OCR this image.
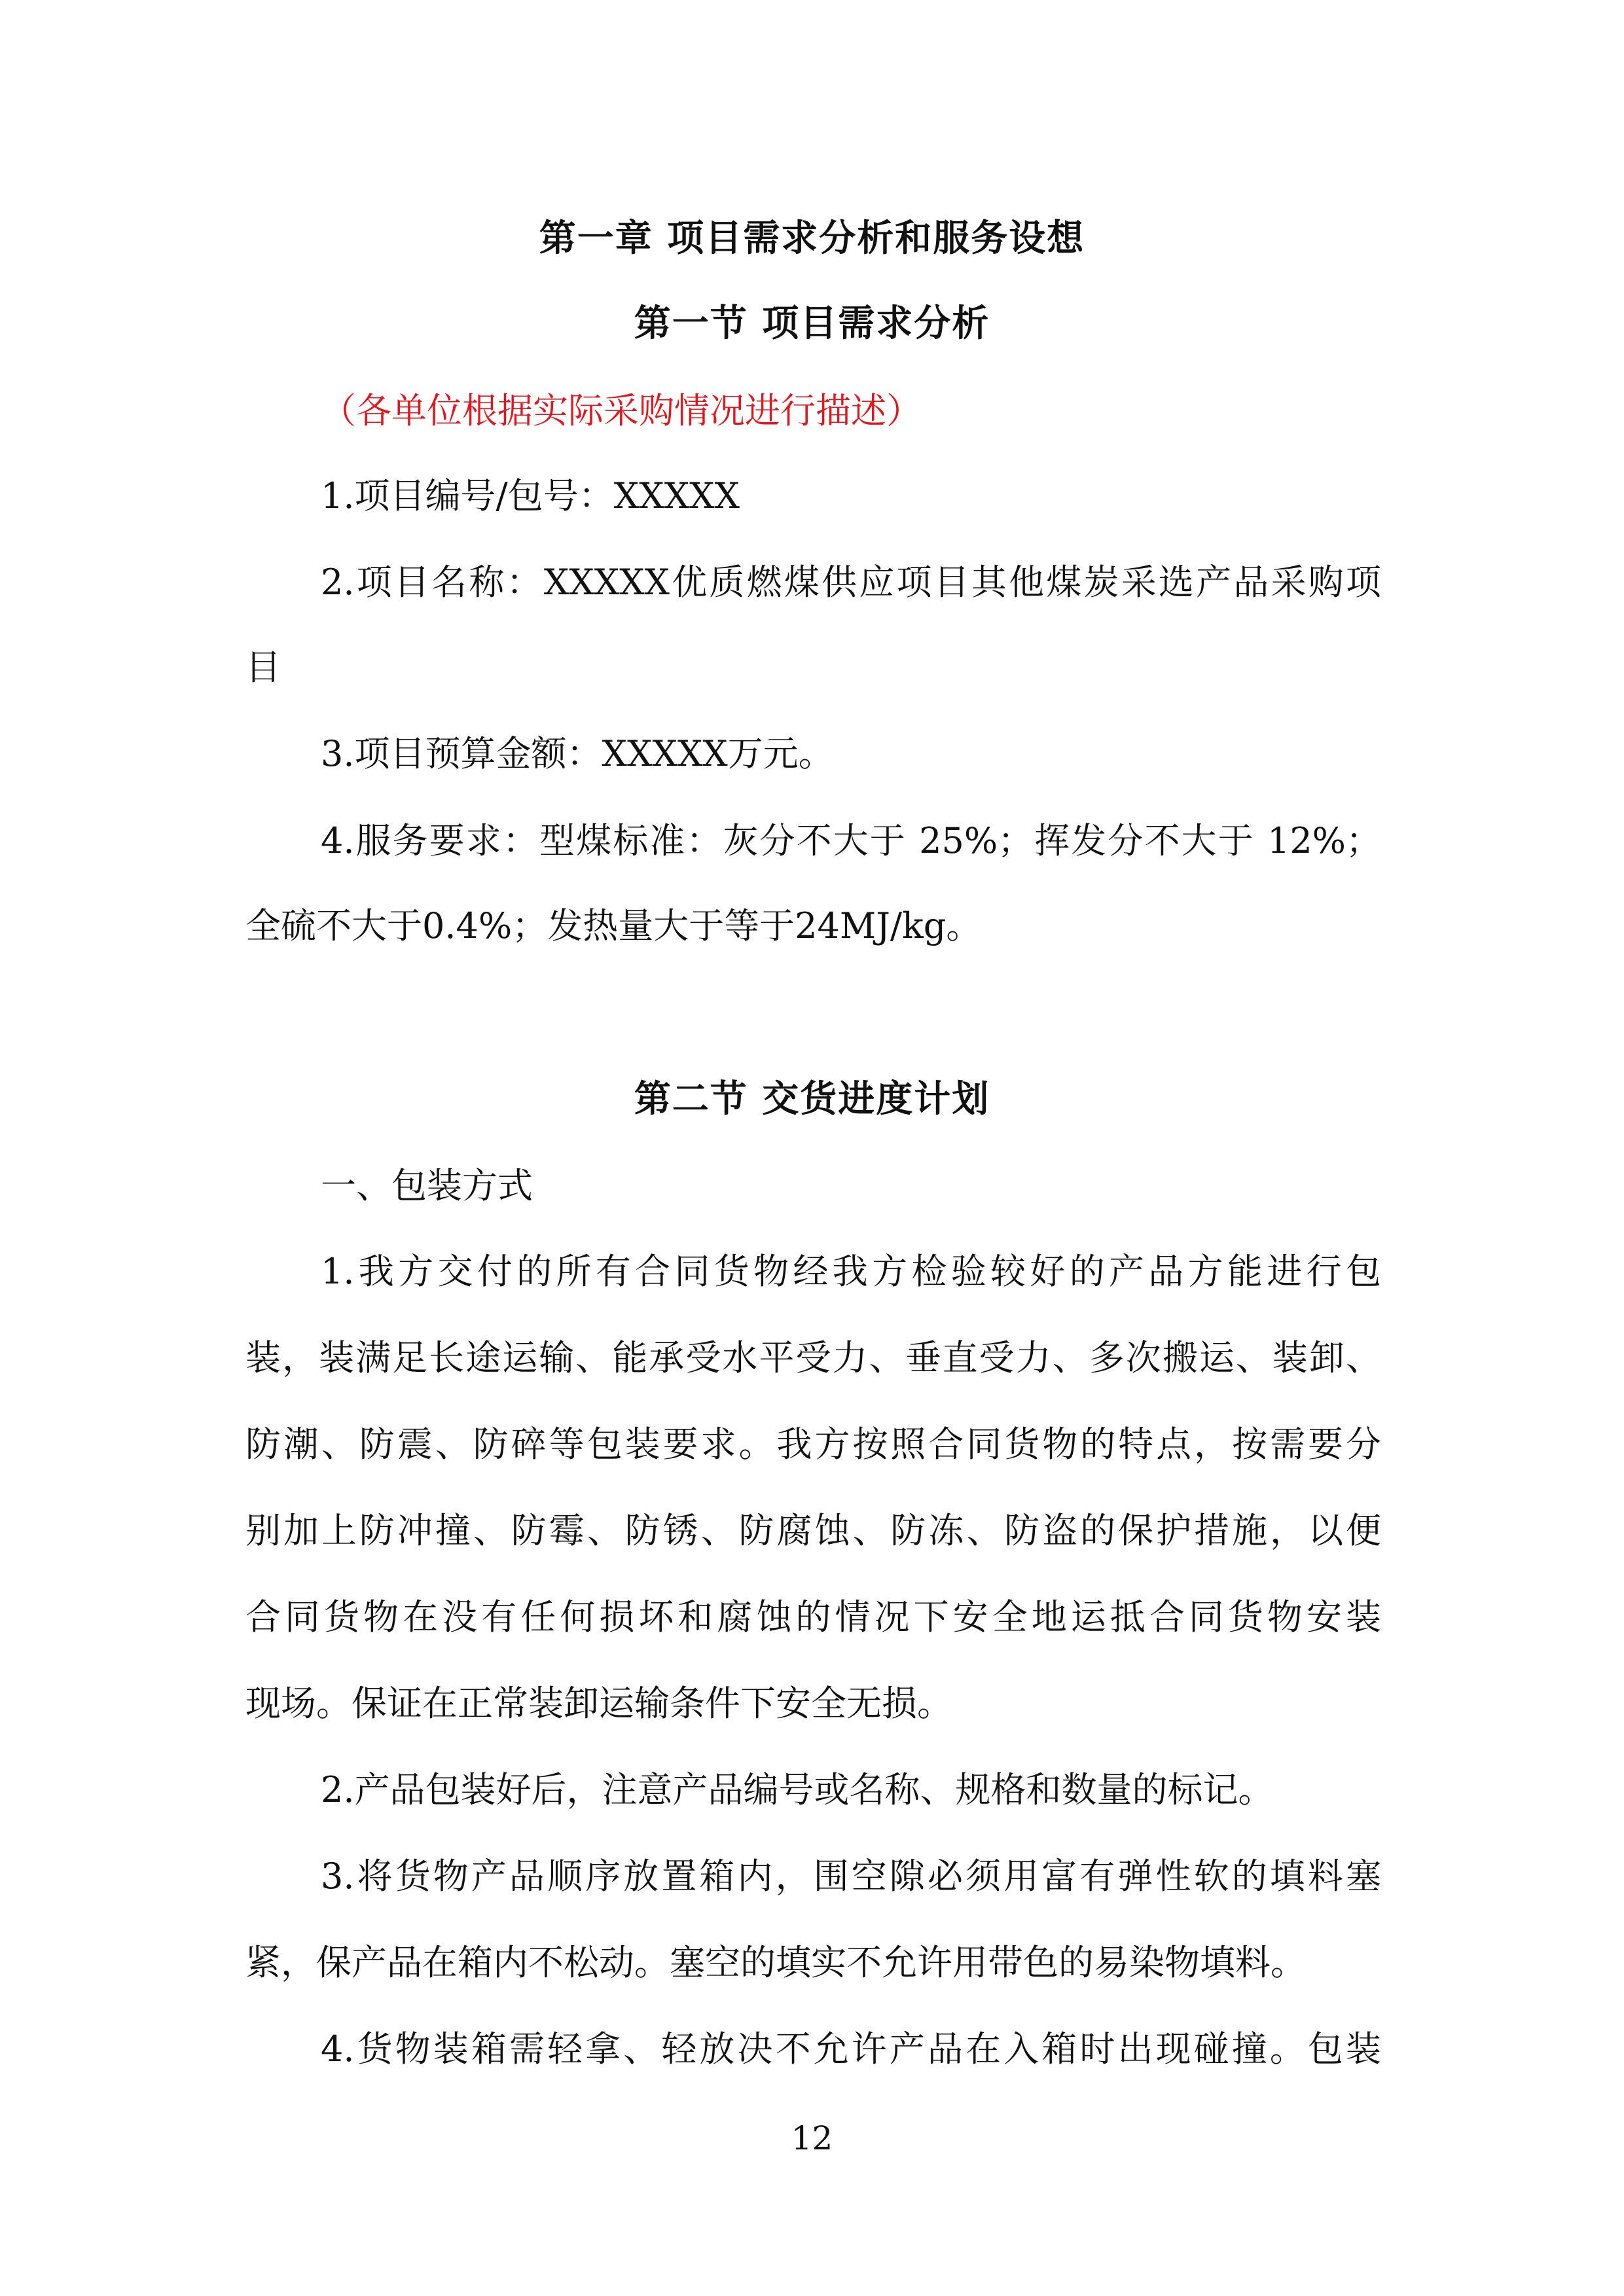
第一章 项目需求分析和服务设想
第一节 项目需求分析
（各单位根据实际采购情况进行描述）
1.项目编号/包号：XXXXX
2.项目名称：XXXXX优质燃煤供应项目其他煤炭采选产品采购项
目
3.项目预算金额：XXXXX万元。
4.服务要求：型煤标准：灰分不大于 25%；挥发分不大于 12%；
全硫不大于0.4%；发热量大于等于24MJ/kg。
第二节 交货进度计划
一、包装方式
1.我方交付的所有合同货物经我方检验较好的产品方能进行包
装，装满足长途运输、能承受水平受力、垂直受力、多次搬运、装卸、
防潮、防震、防碎等包装要求。我方按照合同货物的特点，按需要分
别加上防冲撞、防霉、防锈、防腐蚀、防冻、防盗的保护措施，以便
合同货物在没有任何损坏和腐蚀的情况下安全地运抵合同货物安装
现场。保证在正常装卸运输条件下安全无损。
2.产品包装好后，注意产品编号或名称、规格和数量的标记。
3.将货物产品顺序放置箱内，围空隙必须用富有弹性软的填料塞
紧，保产品在箱内不松动。塞空的填实不允许用带色的易染物填料。
4.货物装箱需轻拿、轻放决不允许产品在入箱时出现碰撞。包装
12
